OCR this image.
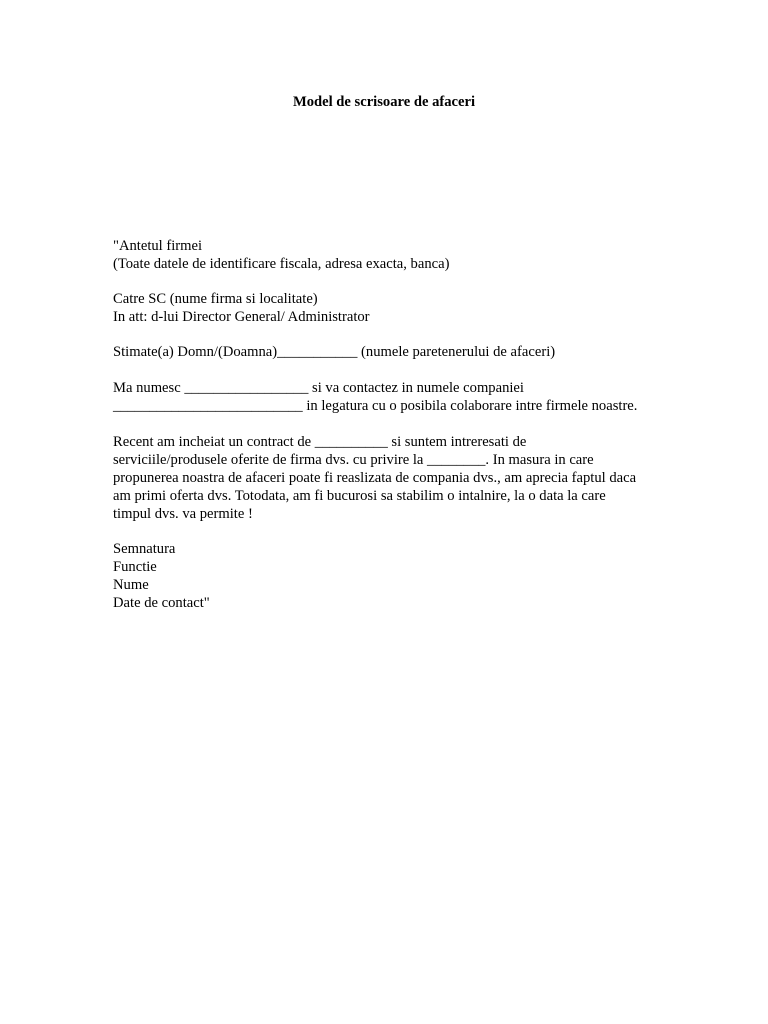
Model de scrisoare de afaceri
"Antetul firmei
(Toate datele de identificare fiscala, adresa exacta, banca)
Catre SC (nume firma si localitate)
In att: d-lui Director General/ Administrator
Stimate(a) Domn/(Doamna)___________ (numele paretenerului de afaceri)
Ma numesc _________________ si va contactez in numele companiei
__________________________ in legatura cu o posibila colaborare intre firmele noastre.
Recent am incheiat un contract de __________ si suntem intreresati de
serviciile/produsele oferite de firma dvs. cu privire la ________. In masura in care
propunerea noastra de afaceri poate fi reaslizata de compania dvs., am aprecia faptul daca
am primi oferta dvs. Totodata, am fi bucurosi sa stabilim o intalnire, la o data la care
timpul dvs. va permite !
Semnatura
Functie
Nume
Date de contact"
